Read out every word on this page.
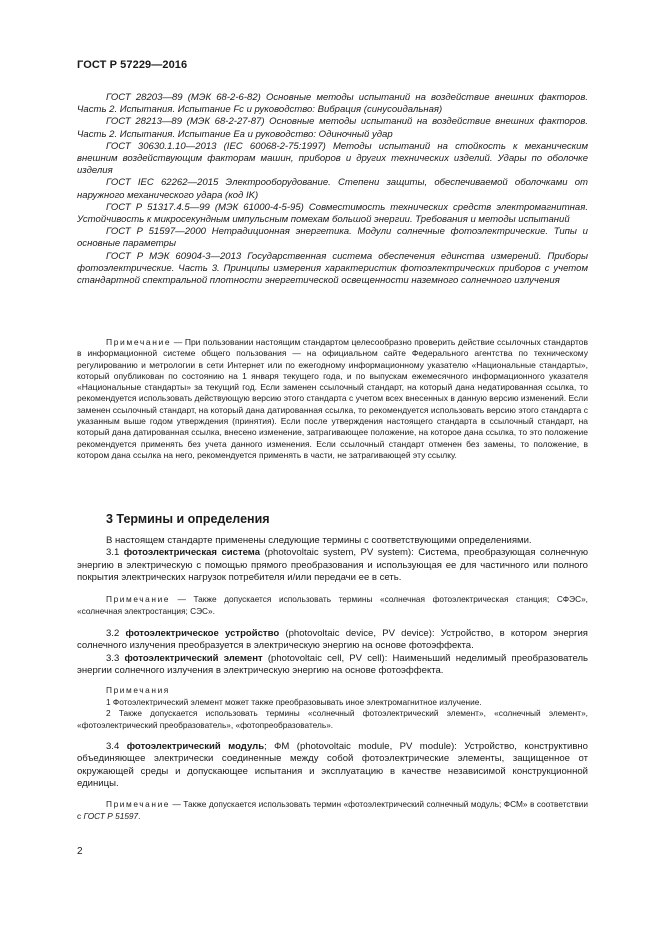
ГОСТ Р 57229—2016

ГОСТ 28203—89 (МЭК 68-2-6-82) Основные методы испытаний на воздействие внешних факторов. Часть 2. Испытания. Испытание Fc и руководство: Вибрация (синусоидальная)

ГОСТ 28213—89 (МЭК 68-2-27-87) Основные методы испытаний на воздействие внешних факторов. Часть 2. Испытания. Испытание Ea и руководство: Одиночный удар

ГОСТ 30630.1.10—2013 (IEC 60068-2-75:1997) Методы испытаний на стойкость к механическим внешним воздействующим факторам машин, приборов и других технических изделий. Удары по оболочке изделия

ГОСТ IEC 62262—2015 Электрооборудование. Степени защиты, обеспечиваемой оболочками от наружного механического удара (код IK)

ГОСТ Р 51317.4.5—99 (МЭК 61000-4-5-95) Совместимость технических средств электромагнитная. Устойчивость к микросекундным импульсным помехам большой энергии. Требования и методы испытаний

ГОСТ Р 51597—2000 Нетрадиционная энергетика. Модули солнечные фотоэлектрические. Типы и основные параметры

ГОСТ Р МЭК 60904-3—2013 Государственная система обеспечения единства измерений. Приборы фотоэлектрические. Часть 3. Принципы измерения характеристик фотоэлектрических приборов с учетом стандартной спектральной плотности энергетической освещенности наземного солнечного излучения

Примечание — При пользовании настоящим стандартом целесообразно проверить действие ссылочных стандартов в информационной системе общего пользования — на официальном сайте Федерального агентства по техническому регулированию и метрологии в сети Интернет или по ежегодному информационному указателю «Национальные стандарты», который опубликован по состоянию на 1 января текущего года, и по выпускам ежемесячного информационного указателя «Национальные стандарты» за текущий год. Если заменен ссылочный стандарт, на который дана недатированная ссылка, то рекомендуется использовать действующую версию этого стандарта с учетом всех внесенных в данную версию изменений. Если заменен ссылочный стандарт, на который дана датированная ссылка, то рекомендуется использовать версию этого стандарта с указанным выше годом утверждения (принятия). Если после утверждения настоящего стандарта в ссылочный стандарт, на который дана датированная ссылка, внесено изменение, затрагивающее положение, на которое дана ссылка, то это положение рекомендуется применять без учета данного изменения. Если ссылочный стандарт отменен без замены, то положение, в котором дана ссылка на него, рекомендуется применять в части, не затрагивающей эту ссылку.

3 Термины и определения

В настоящем стандарте применены следующие термины с соответствующими определениями.

3.1 фотоэлектрическая система (photovoltaic system, PV system): Система, преобразующая солнечную энергию в электрическую с помощью прямого преобразования и использующая ее для частичного или полного покрытия электрических нагрузок потребителя и/или передачи ее в сеть.

Примечание — Также допускается использовать термины «солнечная фотоэлектрическая станция; СФЭС», «солнечная электростанция; СЭС».

3.2 фотоэлектрическое устройство (photovoltaic device, PV device): Устройство, в котором энергия солнечного излучения преобразуется в электрическую энергию на основе фотоэффекта.

3.3 фотоэлектрический элемент (photovoltaic cell, PV cell): Наименьший неделимый преобразователь энергии солнечного излучения в электрическую энергию на основе фотоэффекта.

Примечания

1 Фотоэлектрический элемент может также преобразовывать иное электромагнитное излучение.

2 Также допускается использовать термины «солнечный фотоэлектрический элемент», «солнечный элемент», «фотоэлектрический преобразователь», «фотопреобразователь».

3.4 фотоэлектрический модуль; ФМ (photovoltaic module, PV module): Устройство, конструктивно объединяющее электрически соединенные между собой фотоэлектрические элементы, защищенное от окружающей среды и допускающее испытания и эксплуатацию в качестве независимой конструкционной единицы.

Примечание — Также допускается использовать термин «фотоэлектрический солнечный модуль; ФСМ» в соответствии с ГОСТ Р 51597.

2
